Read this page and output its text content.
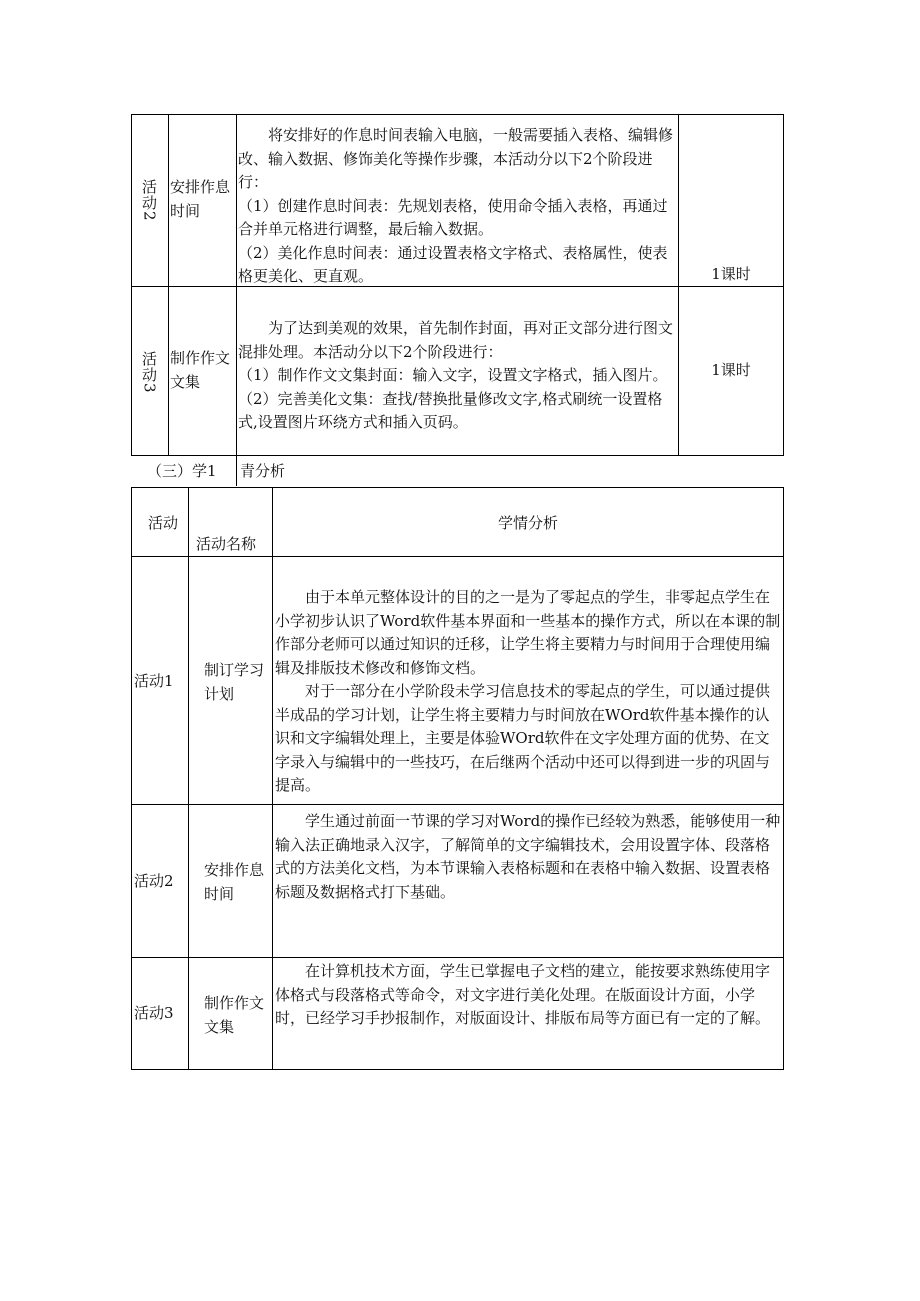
活动
2
安排作息时间

将安排好的作息时间表输入电脑，一般需要插入表格、编辑修改、输入数据、修饰美化等操作步骤，本活动分以下2个阶段进行：

（1）创建作息时间表：先规划表格，使用命令插入表格，再通过合并单元格进行调整，最后输入数据。

（2）美化作息时间表：通过设置表格文字格式、表格属性，使表格更美化、更直观。	1课时
活动
3
制作作文文集

为了达到美观的效果，首先制作封面，再对正文部分进行图文混排处理。本活动分以下2个阶段进行：

（1）制作作文文集封面：输入文字，设置文字格式，插入图片。

（2）完善美化文集：查找/替换批量修改文字,格式刷统一设置格式,设置图片环绕方式和插入页码。

1课时
（三）学1 青分析
活动
活动名称
学情分析
活动1
制订学习计划

由于本单元整体设计的目的之一是为了零起点的学生，非零起点学生在小学初步认识了Word软件基本界面和一些基本的操作方式，所以在本课的制作部分老师可以通过知识的迁移，让学生将主要精力与时间用于合理使用编辑及排版技术修改和修饰文档。

对于一部分在小学阶段未学习信息技术的零起点的学生，可以通过提供半成品的学习计划，让学生将主要精力与时间放在WOrd软件基本操作的认识和文字编辑处理上，主要是体验WOrd软件在文字处理方面的优势、在文字录入与编辑中的一些技巧，在后继两个活动中还可以得到进一步的巩固与提高。

活动2
安排作息时间

学生通过前面一节课的学习对Word的操作已经较为熟悉，能够使用一种输入法正确地录入汉字，了解简单的文字编辑技术，会用设置字体、段落格式的方法美化文档，为本节课输入表格标题和在表格中输入数据、设置表格标题及数据格式打下基础。

活动3
制作作文文集

在计算机技术方面，学生已掌握电子文档的建立，能按要求熟练使用字体格式与段落格式等命令，对文字进行美化处理。在版面设计方面，小学时，已经学习手抄报制作，对版面设计、排版布局等方面已有一定的了解。
